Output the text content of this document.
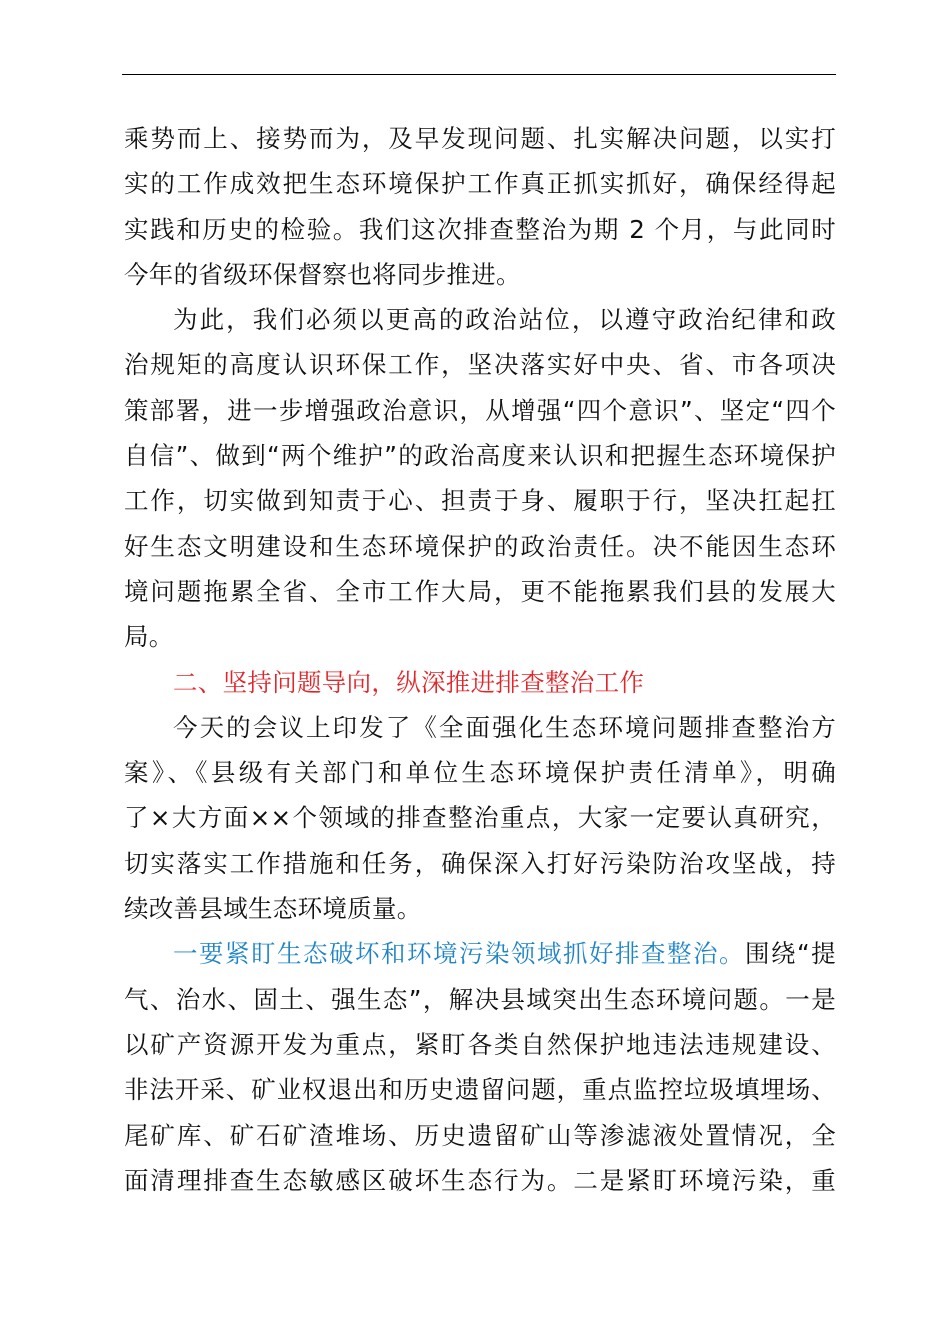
乘势而上、接势而为，及早发现问题、扎实解决问题，以实打
实的工作成效把生态环境保护工作真正抓实抓好，确保经得起
实践和历史的检验。我们这次排查整治为期 2 个月，与此同时
今年的省级环保督察也将同步推进。
为此，我们必须以更高的政治站位，以遵守政治纪律和政
治规矩的高度认识环保工作，坚决落实好中央、省、市各项决
策部署，进一步增强政治意识，从增强“四个意识”、坚定“四个
自信”、做到“两个维护”的政治高度来认识和把握生态环境保护
工作，切实做到知责于心、担责于身、履职于行，坚决扛起扛
好生态文明建设和生态环境保护的政治责任。决不能因生态环
境问题拖累全省、全市工作大局，更不能拖累我们县的发展大
局。
二、坚持问题导向，纵深推进排查整治工作
今天的会议上印发了《全面强化生态环境问题排查整治方
案》、《县级有关部门和单位生态环境保护责任清单》，明确
了×大方面××个领域的排查整治重点，大家一定要认真研究，
切实落实工作措施和任务，确保深入打好污染防治攻坚战，持
续改善县域生态环境质量。
一要紧盯生态破坏和环境污染领域抓好排查整治。围绕“提
气、治水、固土、强生态”，解决县域突出生态环境问题。一是
以矿产资源开发为重点，紧盯各类自然保护地违法违规建设、
非法开采、矿业权退出和历史遗留问题，重点监控垃圾填埋场、
尾矿库、矿石矿渣堆场、历史遗留矿山等渗滤液处置情况，全
面清理排查生态敏感区破坏生态行为。二是紧盯环境污染，重
